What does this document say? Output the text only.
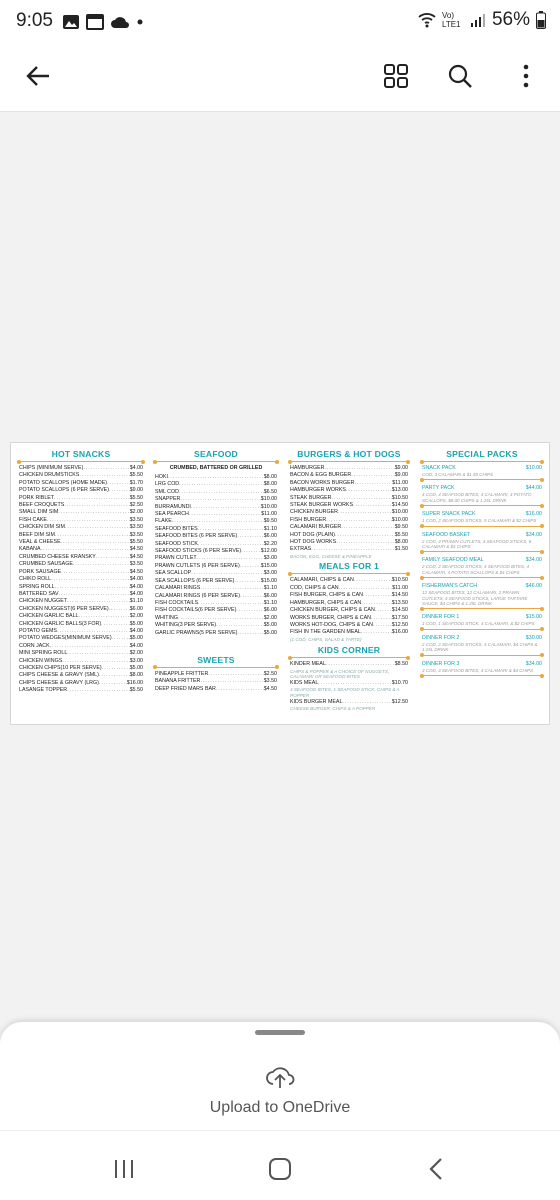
9:05	Vo) LTE1 56%
HOT SNACKS
CHIPS (MINIMUM SERVE) .....	$4.00
CHICKEN DRUMSTICKS .....	$5.50
POTATO SCALLOPS (HOME MADE) .....	$1.70
POTATO SCALLOPS (6 PER SERVE) .....	$9.00
PORK RIBLET .....	$5.50
BEEF CROQUETS .....	$2.50
SMALL DIM SIM .....	$2.00
FISH CAKE .....	$3.50
CHICKEN DIM SIM .....	$3.50
BEEF DIM SIM .....	$3.50
VEAL & CHEESE .....	$5.50
KABANA .....	$4.50
CRUMBED CHEESE KRANSKY .....	$4.50
CRUMBED SAUSAGE .....	$3.50
PORK SAUSAGE .....	$4.50
CHIKO ROLL .....	$4.00
SPRING ROLL .....	$4.00
BATTERED SAV .....	$4.00
CHICKEN NUGGET .....	$1.10
CHICKEN NUGGEST(6 PER SERVE) .....	$6.00
CHICKEN GARLIC BALL .....	$2.00
CHICKEN GARLIC BALLS(3 FOR) .....	$5.00
POTATO GEMS .....	$4.00
POTATO WEDGES(MINIMUM SERVE) .....	$5.00
CORN JACK .....	$4.00
MINI SPRING ROLL .....	$2.00
CHICKEN WINGS .....	$3.00
CHICKEN CHIPS(10 PER SERVE) .....	$5.00
CHIPS CHEESE & GRAVY (SML) .....	$8.00
CHIPS CHEESE & GRAVY (LRG) .....	$16.00
LASANGE TOPPER .....	$5.50
SEAFOOD
CRUMBED, BATTERED OR GRILLED
HOKI .....	$8.00
LRG COD .....	$8.00
SML COD .....	$6.50
SNAPPER .....	$10.00
BURRAMUNDI .....	$10.00
SEA PEARCH .....	$11.00
FLAKE .....	$9.50
SEAFOOD BITES .....	$1.10
SEAFOOD BITES (6 PER SERVE) .....	$6.00
SEAFOOD STICK .....	$2.20
SEAFOOD STICKS (6 PER SERVE) .....	$12.00
PRAWN CUTLET .....	$3.00
PRAWN CUTLETS (6 PER SERVE) .....	$15.00
SEA SCALLOP .....	$3.00
SEA SCALLOPS (6 PER SERVE) .....	$15.00
CALAMARI RINGS .....	$1.10
CALAMARI RINGS (6 PER SERVE) .....	$6.00
FISH COCKTAILS .....	$1.10
FISH COCKTAILS(6 PER SERVE) .....	$6.00
WHITING .....	$2.00
WHITING(3 PER SERVE) .....	$5.00
GARLIC PRAWNS(5 PER SERVE) .....	$5.00
SWEETS
PINEAPPLE FRITTER .....	$2.50
BANANA FRITTER .....	$3.50
DEEP FRIED MARS BAR .....	$4.50
BURGERS & HOT DOGS
HAMBURGER .....	$9.00
BACON & EGG BURGER .....	$9.00
BACON WORKS BURGER .....	$11.00
HAMBURGER WORKS .....	$13.00
STEAK BURGER .....	$10.50
STEAK BURGER WORKS .....	$14.50
CHICKEN BURGER .....	$10.00
FISH BURGER .....	$10.00
CALAMARI BURGER .....	$9.50
HOT DOG (PLAIN) .....	$5.50
HOT DOG WORKS .....	$8.00
EXTRAS .....	$1.50
BACON, EGG, CHEESE & PINEAPPLE
MEALS FOR 1
CALAMARI, CHIPS & CAN .....	$10.50
COD, CHIPS & CAN .....	$11.00
FISH BURGER, CHIPS & CAN .....	$14.50
HAMBURGER, CHIPS & CAN .....	$13.50
CHICKEN BURGER, CHIPS & CAN .....	$14.50
WORKS BURGER, CHIPS & CAN .....	$17.50
WORKS HOT-DOG, CHIPS & CAN .....	$12.50
FISH IN THE GARDEN MEAL .....	$16.00
(1 COD, CHIPS, SALAD & TARTE)
KIDS CORNER
KINDER MEAL .....	$8.50
CHIPS & POPPER & A CHOICE OF NUGGETS, CALAMARI OR SEAFOOD BITES
KIDS MEAL .....	$10.70
4 SEAFOOD BITES, 1 SEAFOOD STICK, CHIPS & A POPPER
KIDS BURGER MEAL .....	$12.50
CHEESE BURGER, CHIPS & A POPPER
SPECIAL PACKS
SNACK PACK	$10.00
COD, 3 CALAMARI & $1.50 CHIPS
PARTY PACK	$44.00
4 COD, 4 SEAFOOD BITES, 4 CALAMARI, 4 POTATO SCALLOPS, $8.00 CHIPS & 1.25L DRINK
SUPER SNACK PACK	$16.00
1 COD, 2 SEAFOOD STICKS, 5 CALAMARI & $2 CHIPS
SEAFOOD BASKET	$34.00
2 COD, 4 PRAWN CUTLETS, 4 SEAFOOD STICKS, 6 CALAMARI & $4 CHIPS
FAMILY SEAFOOD MEAL	$34.00
2 COD, 2 SEAFOOD STICKS, 4 SEAFOOD BITES, 4 CALAMARI, 4 POTATO SCALLOPS & $4 CHIPS
FISHERMAN'S CATCH	$46.00
12 SEAFOOD BITES, 12 CALAMARI, 2 PRAWN CUTLETS, 4 SEAFOOD STICKS, LARGE TARTARE SAUCE, $4 CHIPS & 1.25L DRINK
DINNER FOR 1	$15.00
1 COD, 1 SEAFOOD STICK, 4 CALAMARI, & $2 CHIPS
DINNER FOR 2	$30.00
2 COD, 2 SEAFOOD STICKS, 4 CALAMARI, $4 CHIPS & 1.25L DRINK
DINNER FOR 3	$34.00
3 COD, 4 SEAFOOD BITES, 4 CALAMARI & $4 CHIPS
Upload to OneDrive
